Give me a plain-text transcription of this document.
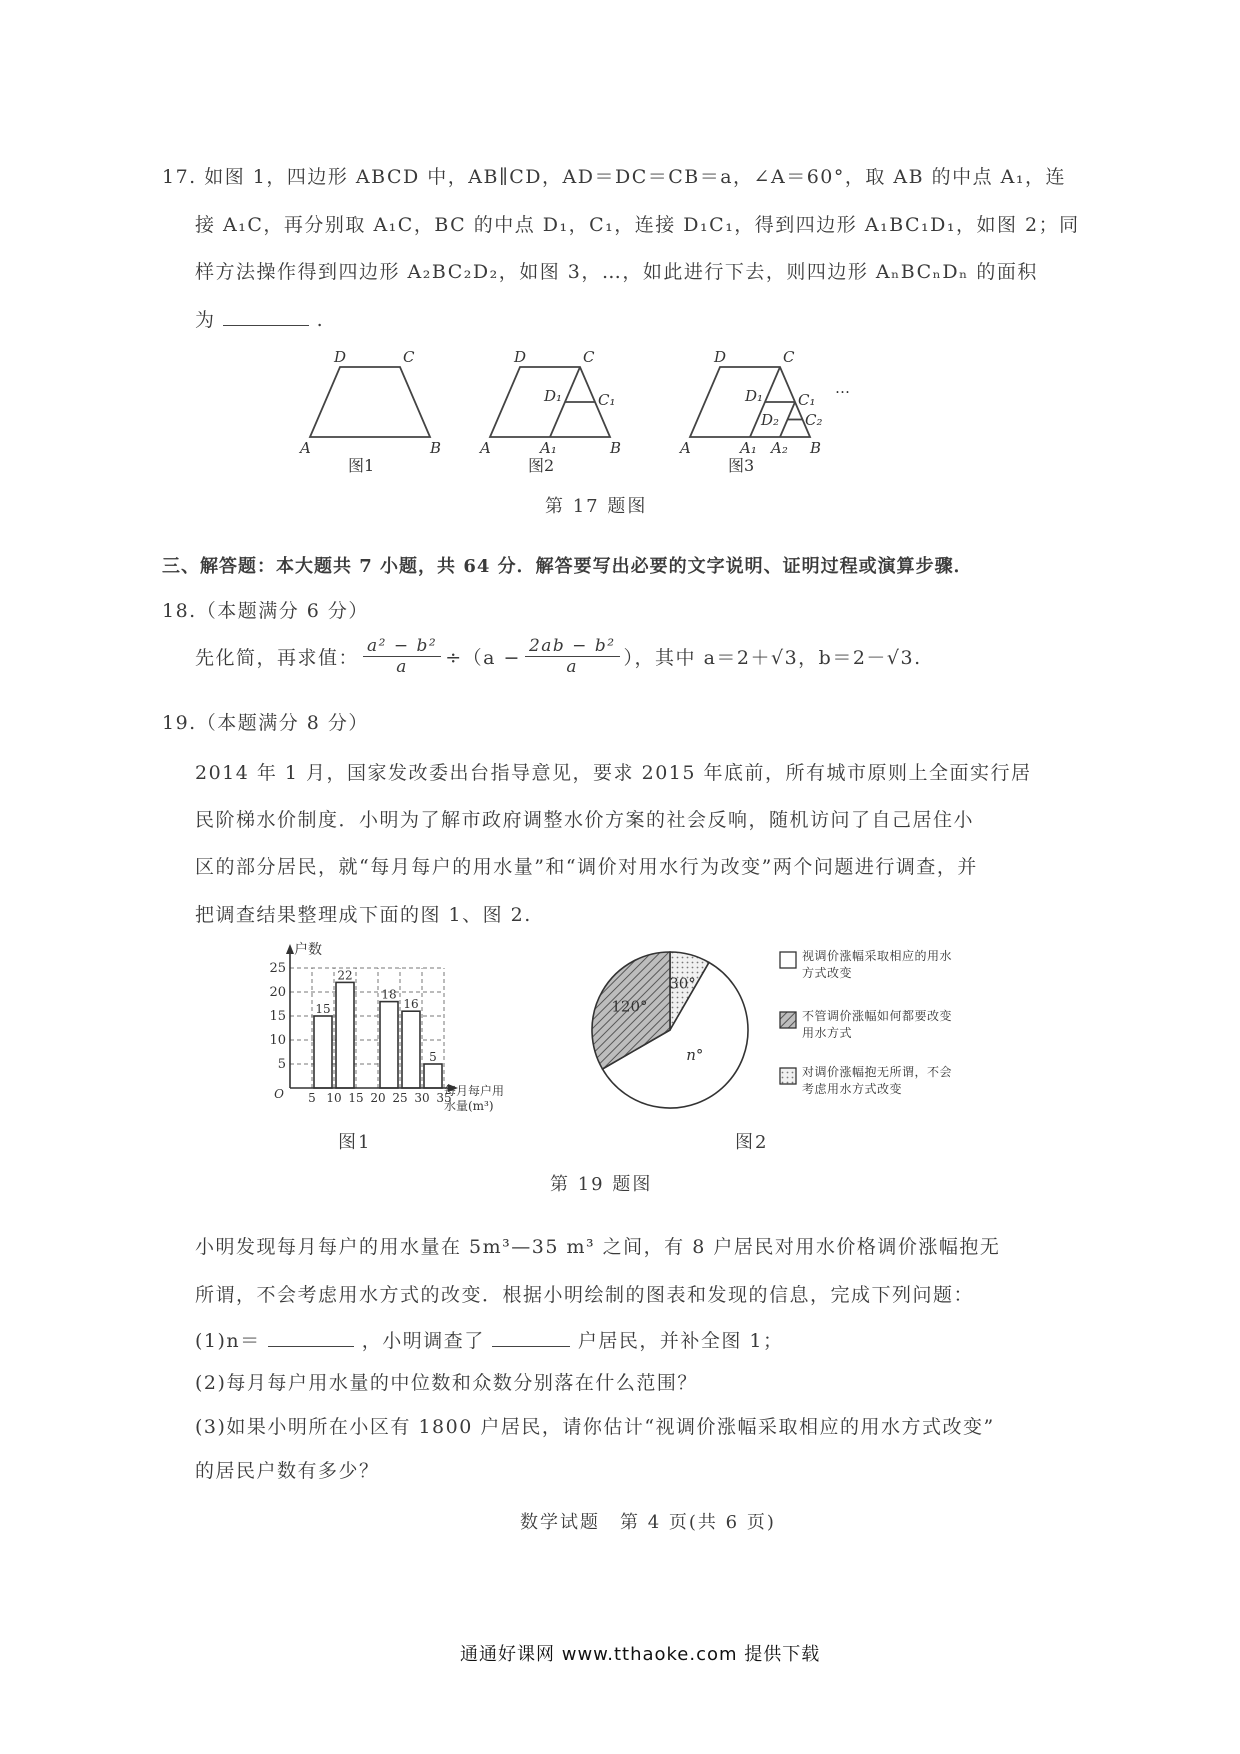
17. 如图 1，四边形 ABCD 中，AB∥CD，AD＝DC＝CB＝a，∠A＝60°，取 AB 的中点 A₁，连
接 A₁C，再分别取 A₁C，BC 的中点 D₁，C₁，连接 D₁C₁，得到四边形 A₁BC₁D₁，如图 2；同
样方法操作得到四边形 A₂BC₂D₂，如图 3，…，如此进行下去，则四边形 AₙBCₙDₙ 的面积
为	.
D	C
A	B
D	C
A	B
A₁
D₁ C₁
D	C
A	B
A₁ A₂
D₁
D₂
C₁
C₂
…
图1	图2	图3
第 17 题图
三、解答题：本大题共 7 小题，共 64 分．解答要写出必要的文字说明、证明过程或演算步骤．
18.（本题满分 6 分）
先化简，再求值： $\frac{\text{a² − b²}}{a} \div(a - \frac{\text{2ab − b²}}{a}$ ），其中 a＝2＋√3，b＝2－√3.
19.（本题满分 8 分）
2014 年 1 月，国家发改委出台指导意见，要求 2015 年底前，所有城市原则上全面实行居
民阶梯水价制度．小明为了解市政府调整水价方案的社会反响，随机访问了自己居住小
区的部分居民，就“每月每户的用水量”和“调价对用水行为改变”两个问题进行调查，并
把调查结果整理成下面的图 1、图 2.
5
10
15
20
25
5 10 15 20 25 30 35
15
22
18
16
5
户数
O	每月每户用水量(m³)
图1
30°
n°
120°
视调价涨幅采取相应的用水方式改变
不管调价涨幅如何都要改变用水方式
对调价涨幅抱无所谓，不会考虑用水方式改变
图2
第 19 题图
小明发现每月每户的用水量在 5m³—35 m³ 之间，有 8 户居民对用水价格调价涨幅抱无
所谓，不会考虑用水方式的改变．根据小明绘制的图表和发现的信息，完成下列问题：
(1)n＝	，小明调查了	户居民，并补全图 1；
(2)每月每户用水量的中位数和众数分别落在什么范围？
(3)如果小明所在小区有 1800 户居民，请你估计“视调价涨幅采取相应的用水方式改变”
的居民户数有多少？
数学试题　第 4 页(共 6 页)
通通好课网 www.tthaoke.com 提供下载
